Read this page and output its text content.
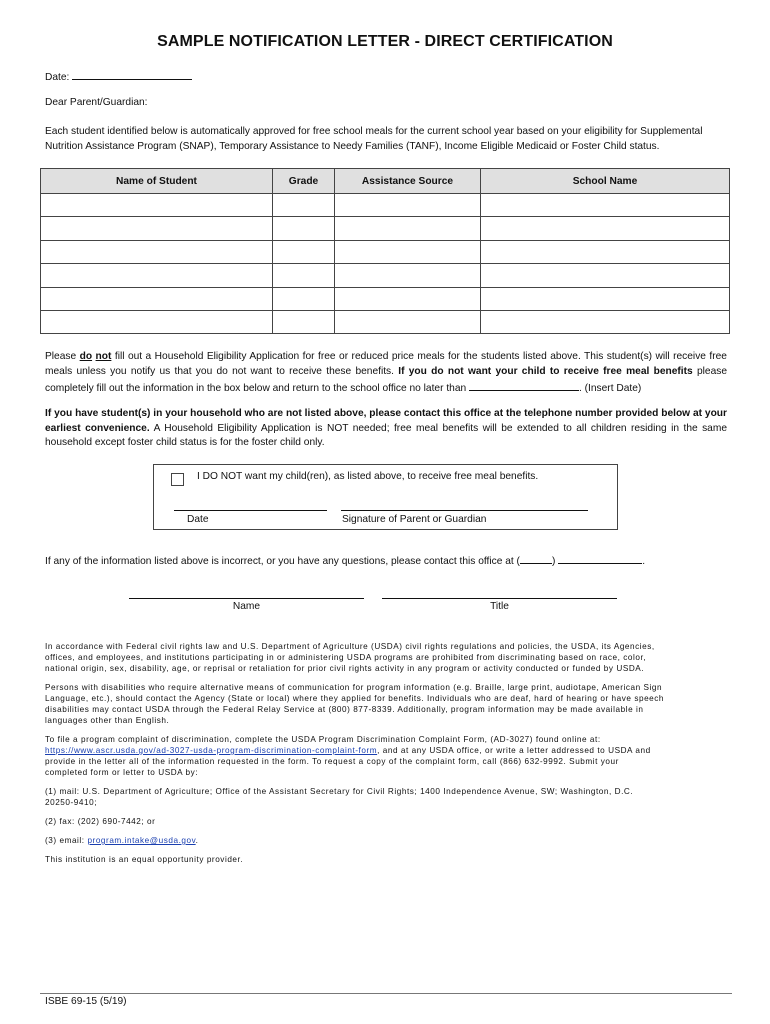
SAMPLE NOTIFICATION LETTER - DIRECT CERTIFICATION
Date:
Dear Parent/Guardian:
Each student identified below is automatically approved for free school meals for the current school year based on your eligibility for Supplemental
Nutrition Assistance Program (SNAP), Temporary Assistance to Needy Families (TANF), Income Eligible Medicaid or Foster Child status.
Name of Student	Grade	Assistance Source	School Name

Please do not fill out a Household Eligibility Application for free or reduced price meals for the students listed above. This student(s) will receive free
meals unless you notify us that you do not want to receive these benefits. If you do not want your child to receive free meal benefits please
completely fill out the information in the box below and return to the school office no later than	. (Insert Date)
If you have student(s) in your household who are not listed above, please contact this office at the telephone number provided below at your
earliest convenience. A Household Eligibility Application is NOT needed; free meal benefits will be extended to all children residing in the same
household except foster child status is for the foster child only.
I DO NOT want my child(ren), as listed above, to receive free meal benefits.
Date	Signature of Parent or Guardian
If any of the information listed above is incorrect, or you have any questions, please contact this office at (	)	.
Name	Title
In accordance with Federal civil rights law and U.S. Department of Agriculture (USDA) civil rights regulations and policies, the USDA, its Agencies,
offices, and employees, and institutions participating in or administering USDA programs are prohibited from discriminating based on race, color,
national origin, sex, disability, age, or reprisal or retaliation for prior civil rights activity in any program or activity conducted or funded by USDA.
Persons with disabilities who require alternative means of communication for program information (e.g. Braille, large print, audiotape, American Sign
Language, etc.), should contact the Agency (State or local) where they applied for benefits. Individuals who are deaf, hard of hearing or have speech
disabilities may contact USDA through the Federal Relay Service at (800) 877-8339. Additionally, program information may be made available in
languages other than English.
To file a program complaint of discrimination, complete the USDA Program Discrimination Complaint Form, (AD-3027) found online at:
https://www.ascr.usda.gov/ad-3027-usda-program-discrimination-complaint-form, and at any USDA office, or write a letter addressed to USDA and
provide in the letter all of the information requested in the form. To request a copy of the complaint form, call (866) 632-9992. Submit your
completed form or letter to USDA by:
(1) mail: U.S. Department of Agriculture; Office of the Assistant Secretary for Civil Rights; 1400 Independence Avenue, SW; Washington, D.C.
20250-9410;
(2) fax: (202) 690-7442; or
(3) email: program.intake@usda.gov.
This institution is an equal opportunity provider.
ISBE 69-15 (5/19)
